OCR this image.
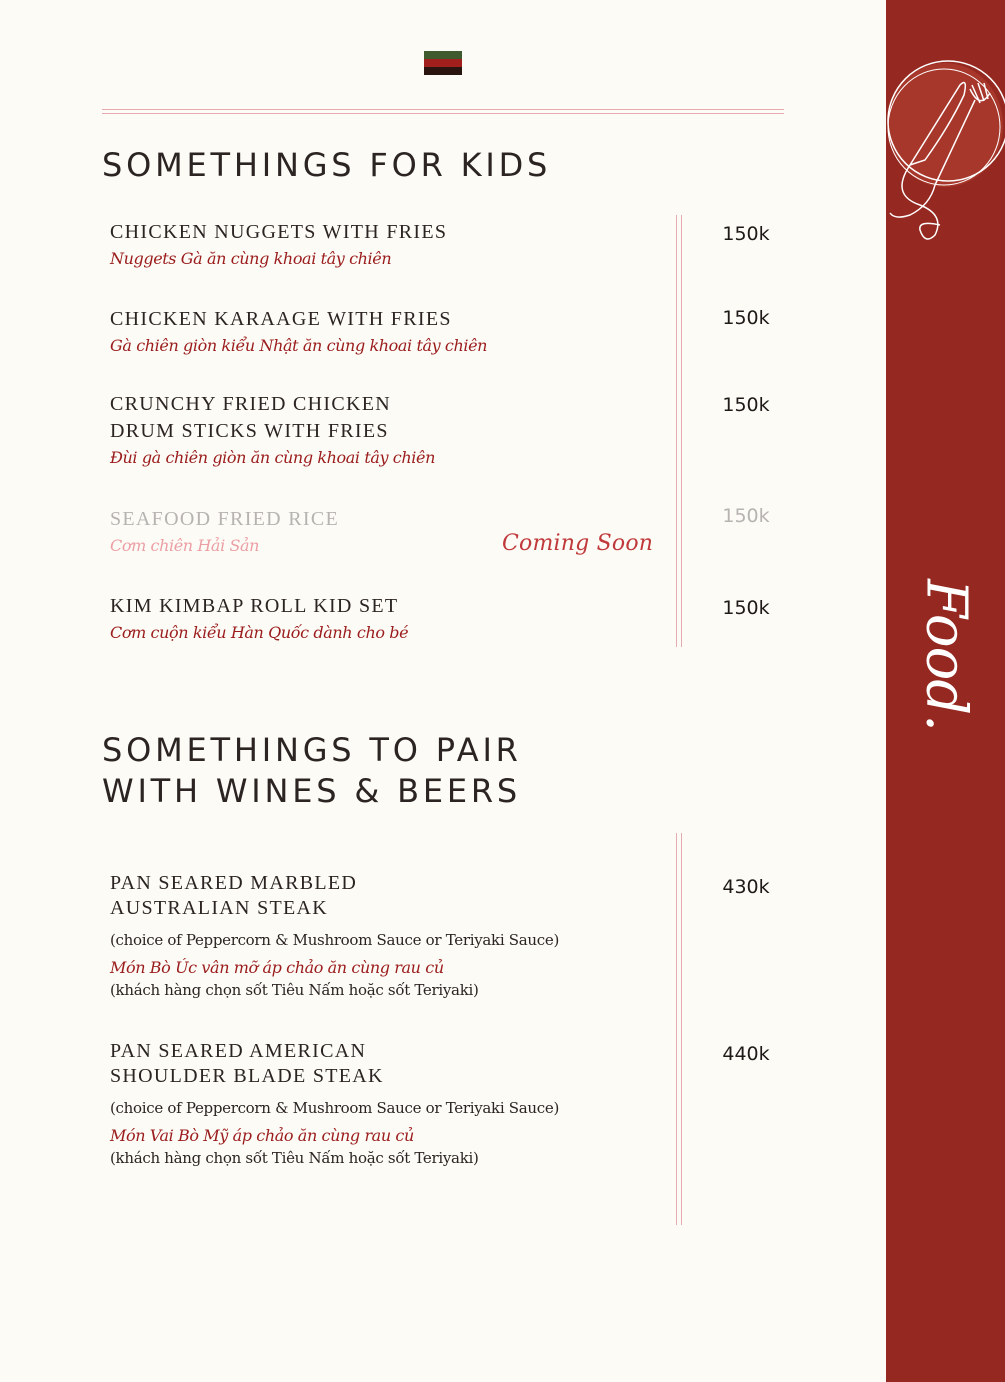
SOMETHINGS FOR KIDS
CHICKEN NUGGETS WITH FRIES
Nuggets Gà ăn cùng khoai tây chiên
150k
CHICKEN KARAAGE WITH FRIES
Gà chiên giòn kiểu Nhật ăn cùng khoai tây chiên
150k
CRUNCHY FRIED CHICKEN
DRUM STICKS WITH FRIES
Đùi gà chiên giòn ăn cùng khoai tây chiên
150k
SEAFOOD FRIED RICE
Cơm chiên Hải Sản	Coming Soon
150k
KIM KIMBAP ROLL KID SET
Cơm cuộn kiểu Hàn Quốc dành cho bé
150k
SOMETHINGS TO PAIR
WITH WINES & BEERS
PAN SEARED MARBLED
AUSTRALIAN STEAK
(choice of Peppercorn & Mushroom Sauce or Teriyaki Sauce)
Món Bò Úc vân mỡ áp chảo ăn cùng rau củ
(khách hàng chọn sốt Tiêu Nấm hoặc sốt Teriyaki)
430k
PAN SEARED AMERICAN
SHOULDER BLADE STEAK
(choice of Peppercorn & Mushroom Sauce or Teriyaki Sauce)
Món Vai Bò Mỹ áp chảo ăn cùng rau củ
(khách hàng chọn sốt Tiêu Nấm hoặc sốt Teriyaki)
440k
Food.
